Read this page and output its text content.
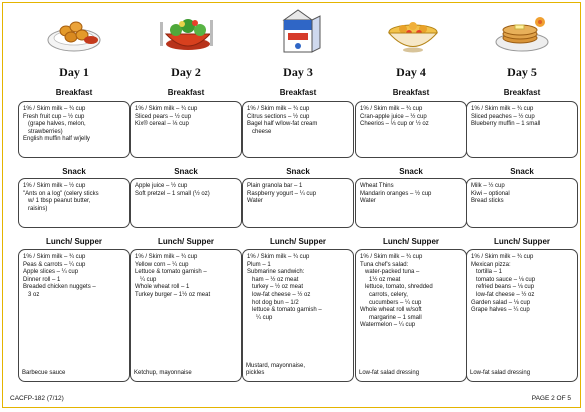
Day 1
Breakfast
1% / Skim milk – ¾ cup
Fresh fruit cup – ½ cup
(grape halves, melon,
strawberries)
English muffin half w/jelly
Snack
1% / Skim milk – ½ cup
"Ants on a log" (celery sticks
w/ 1 tbsp peanut butter,
raisins)
Lunch/ Supper
1% / Skim milk – ¾ cup
Peas & carrots – ¼ cup
Apple slices – ¼ cup
Dinner roll – 1
Breaded chicken nuggets –
3 oz
Barbecue sauce
Day 2
Breakfast
1% / Skim milk – ¾ cup
Sliced pears – ½ cup
Kix® cereal – ⅓ cup
Snack
Apple juice – ½ cup
Soft pretzel – 1 small (½ oz)
Lunch/ Supper
1% / Skim milk – ¾ cup
Yellow corn – ¼ cup
Lettuce & tomato garnish –
¼ cup
Whole wheat roll – 1
Turkey burger – 1½ oz meat
Ketchup, mayonnaise
Day 3
Breakfast
1% / Skim milk – ¾ cup
Citrus sections – ½ cup
Bagel half w/low-fat cream
cheese
Snack
Plain granola bar – 1
Raspberry yogurt – ¼ cup
Water
Lunch/ Supper
1% / Skim milk – ¾ cup
Plum – 1
Submarine sandwich:
ham – ½ oz meat
turkey – ½ oz meat
low-fat cheese – ½ oz
hot dog bun – 1/2
lettuce & tomato garnish –
¼ cup
Mustard, mayonnaise,
pickles
Day 4
Breakfast
1% / Skim milk – ¾ cup
Cran-apple juice – ½ cup
Cheerios – ⅓ cup or ½ oz
Snack
Wheat Thins
Mandarin oranges – ½ cup
Water
Lunch/ Supper
1% / Skim milk – ¾ cup
Tuna chef's salad:
water-packed tuna –
1½ oz meat
lettuce, tomato, shredded
carrots, celery,
cucumbers – ¼ cup
Whole wheat roll w/soft
margarine – 1 small
Watermelon – ¼ cup
Low-fat salad dressing
Day 5
Breakfast
1% / Skim milk – ¾ cup
Sliced peaches – ½ cup
Blueberry muffin – 1 small
Snack
Milk – ½ cup
Kiwi – optional
Bread sticks
Lunch/ Supper
1% / Skim milk – ¾ cup
Mexican pizza:
tortilla – 1
tomato sauce – ⅛ cup
refried beans – ⅛ cup
low-fat cheese – ½ oz
Garden salad – ⅛ cup
Grape halves – ¼ cup
Low-fat salad dressing
CACFP-182 (7/12)	PAGE 2 OF 5
